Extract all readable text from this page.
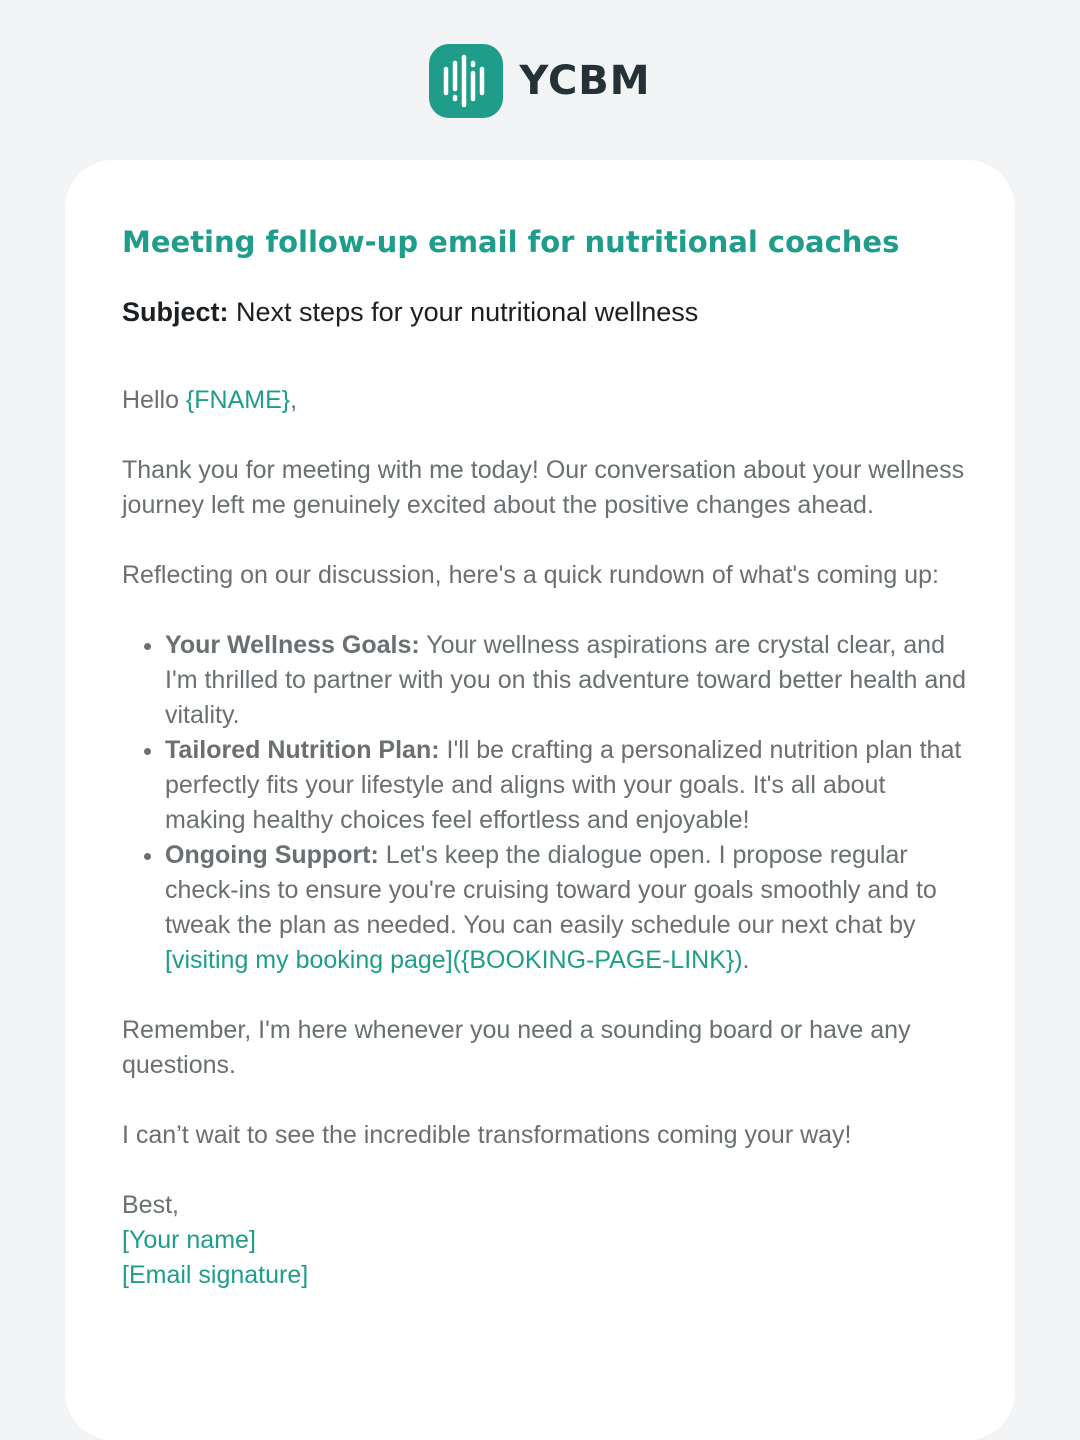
YCBM
Meeting follow-up email for nutritional coaches

Subject: Next steps for your nutritional wellness

Hello {FNAME},

Thank you for meeting with me today! Our conversation about your wellness journey left me genuinely excited about the positive changes ahead.

Reflecting on our discussion, here's a quick rundown of what's coming up:

• Your Wellness Goals: Your wellness aspirations are crystal clear, and I'm thrilled to partner with you on this adventure toward better health and vitality.
• Tailored Nutrition Plan: I'll be crafting a personalized nutrition plan that perfectly fits your lifestyle and aligns with your goals. It's all about making healthy choices feel effortless and enjoyable!
• Ongoing Support: Let's keep the dialogue open. I propose regular check-ins to ensure you're cruising toward your goals smoothly and to tweak the plan as needed. You can easily schedule our next chat by [visiting my booking page]({BOOKING-PAGE-LINK}).

Remember, I'm here whenever you need a sounding board or have any questions.

I can’t wait to see the incredible transformations coming your way!

Best,
[Your name]
[Email signature]
